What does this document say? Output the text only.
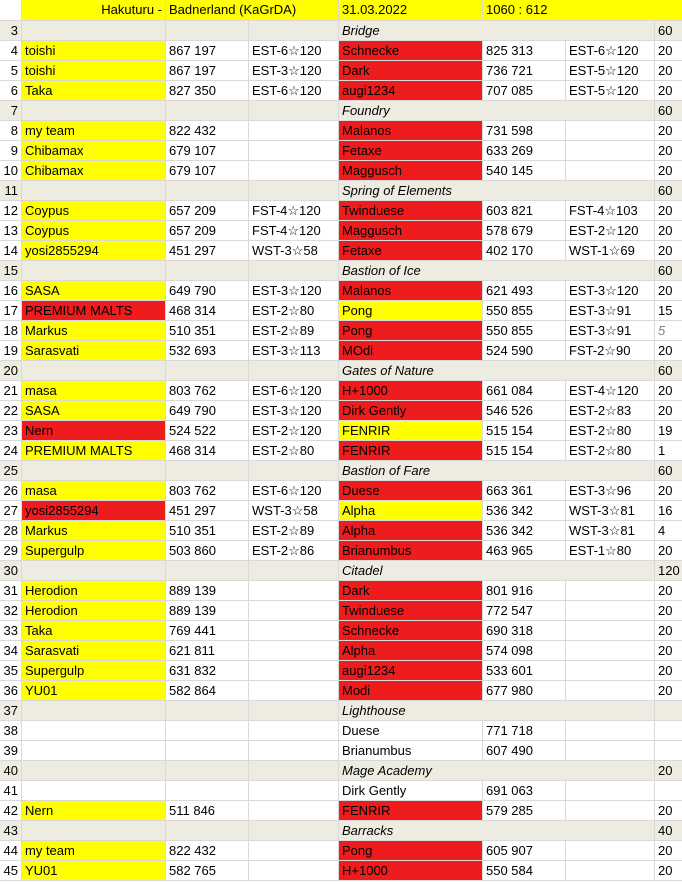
Hakuturu - Badnerland (KaGrDA)	31.03.2022	1060 : 612
3	Bridge	60
4 toishi	867 197	EST-6☆120	Schnecke	825 313	EST-6☆120	20
5 toishi	867 197	EST-3☆120	Dark	736 721	EST-5☆120	20
6 Taka	827 350	EST-6☆120	augi1234	707 085	EST-5☆120	20
7	Foundry	60
8 my team	822 432	Malanos	731 598	20
9 Chibamax	679 107	Fetaxe	633 269	20
10 Chibamax	679 107	Maggusch	540 145	20
11	Spring of Elements	60
12 Coypus	657 209	FST-4☆120	Twinduese	603 821	FST-4☆103	20
13 Coypus	657 209	FST-4☆120	Maggusch	578 679	EST-2☆120	20
14 yosi2855294	451 297	WST-3☆58	Fetaxe	402 170	WST-1☆69	20
15	Bastion of Ice	60
16 SASA	649 790	EST-3☆120	Malanos	621 493	EST-3☆120	20
17 PREMIUM MALTS	468 314	EST-2☆80	Pong	550 855	EST-3☆91	15
18 Markus	510 351	EST-2☆89	Pong	550 855	EST-3☆91	5
19 Sarasvati	532 693	EST-3☆113	MOdi	524 590	FST-2☆90	20
20	Gates of Nature	60
21 masa	803 762	EST-6☆120	H+1000	661 084	EST-4☆120	20
22 SASA	649 790	EST-3☆120	Dirk Gently	546 526	EST-2☆83	20
23 Nern	524 522	EST-2☆120	FENRIR	515 154	EST-2☆80	19
24 PREMIUM MALTS	468 314	EST-2☆80	FENRIR	515 154	EST-2☆80	1
25	Bastion of Fare	60
26 masa	803 762	EST-6☆120	Duese	663 361	EST-3☆96	20
27 yosi2855294	451 297	WST-3☆58	Alpha	536 342	WST-3☆81	16
28 Markus	510 351	EST-2☆89	Alpha	536 342	WST-3☆81	4
29 Supergulp	503 860	EST-2☆86	Brianumbus	463 965	EST-1☆80	20
30	Citadel	120
31 Herodion	889 139	Dark	801 916	20
32 Herodion	889 139	Twinduese	772 547	20
33 Taka	769 441	Schnecke	690 318	20
34 Sarasvati	621 811	Alpha	574 098	20
35 Supergulp	631 832	augi1234	533 601	20
36 YU01	582 864	Modi	677 980	20
37	Lighthouse
38	Duese	771 718
39	Brianumbus	607 490
40	Mage Academy	20
41	Dirk Gently	691 063
42 Nern	511 846	FENRIR	579 285	20
43	Barracks	40
44 my team	822 432	Pong	605 907	20
45 YU01	582 765	H+1000	550 584	20
